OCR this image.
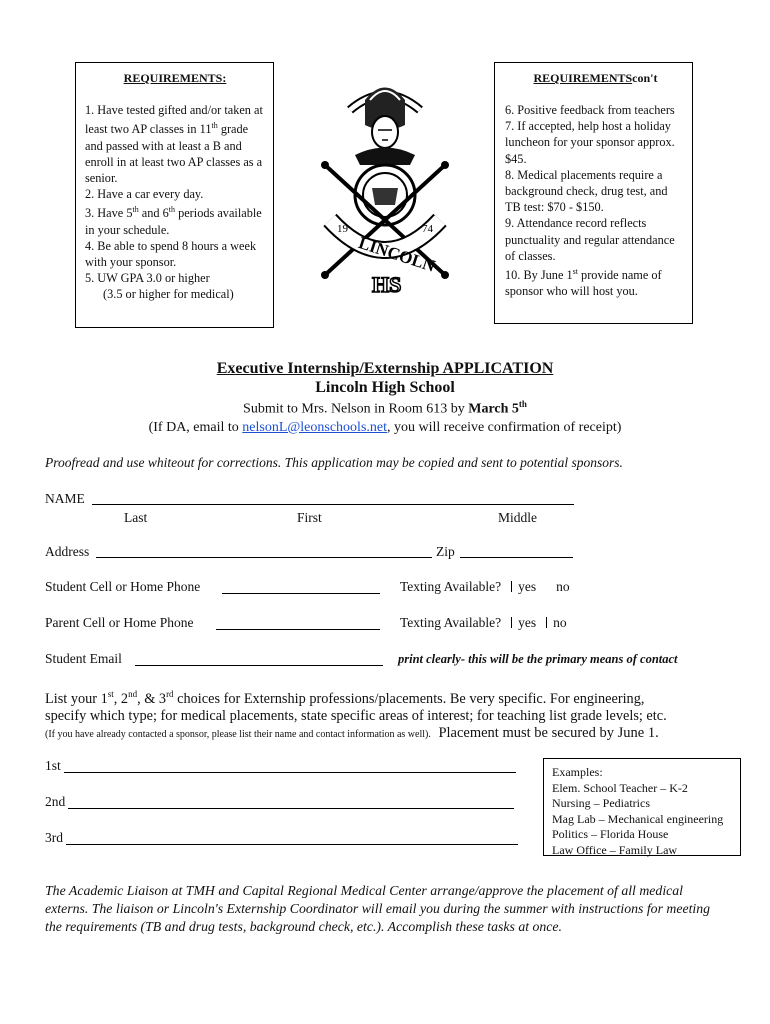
REQUIREMENTS:
1. Have tested gifted and/or taken at least two AP classes in 11th grade and passed with at least a B and enroll in at least two AP classes as a senior.
2. Have a car every day.
3. Have 5th and 6th periods available in your schedule.
4. Be able to spend 8 hours a week with your sponsor.
5. UW GPA 3.0 or higher
(3.5 or higher for medical)
19	74
LINCOLN
HS
REQUIREMENTScon't
6. Positive feedback from teachers
7. If accepted, help host a holiday luncheon for your sponsor approx. $45.
8. Medical placements require a background check, drug test, and TB test: $70 - $150.
9. Attendance record reflects punctuality and regular attendance of classes.
10. By June 1st provide name of sponsor who will host you.
Executive Internship/Externship APPLICATION
Lincoln High School
Submit to Mrs. Nelson in Room 613 by March 5th
(If DA, email to nelsonL@leonschools.net, you will receive confirmation of receipt)
Proofread and use whiteout for corrections. This application may be copied and sent to potential sponsors.
NAME
Last	First	Middle
Address	Zip
Student Cell or Home Phone	Texting Available? yes no
Parent Cell or Home Phone	Texting Available? yes no
Student Email	print clearly- this will be the primary means of contact
List your 1st, 2nd, & 3rd choices for Externship professions/placements. Be very specific. For engineering,
specify which type; for medical placements, state specific areas of interest; for teaching list grade levels; etc.
(If you have already contacted a sponsor, please list their name and contact information as well). Placement must be secured by June 1.
1st
2nd
3rd
Examples:
Elem. School Teacher – K-2
Nursing – Pediatrics
Mag Lab – Mechanical engineering
Politics – Florida House
Law Office – Family Law
The Academic Liaison at TMH and Capital Regional Medical Center arrange/approve the placement of all medical externs. The liaison or Lincoln's Externship Coordinator will email you during the summer with instructions for meeting the requirements (TB and drug tests, background check, etc.). Accomplish these tasks at once.
